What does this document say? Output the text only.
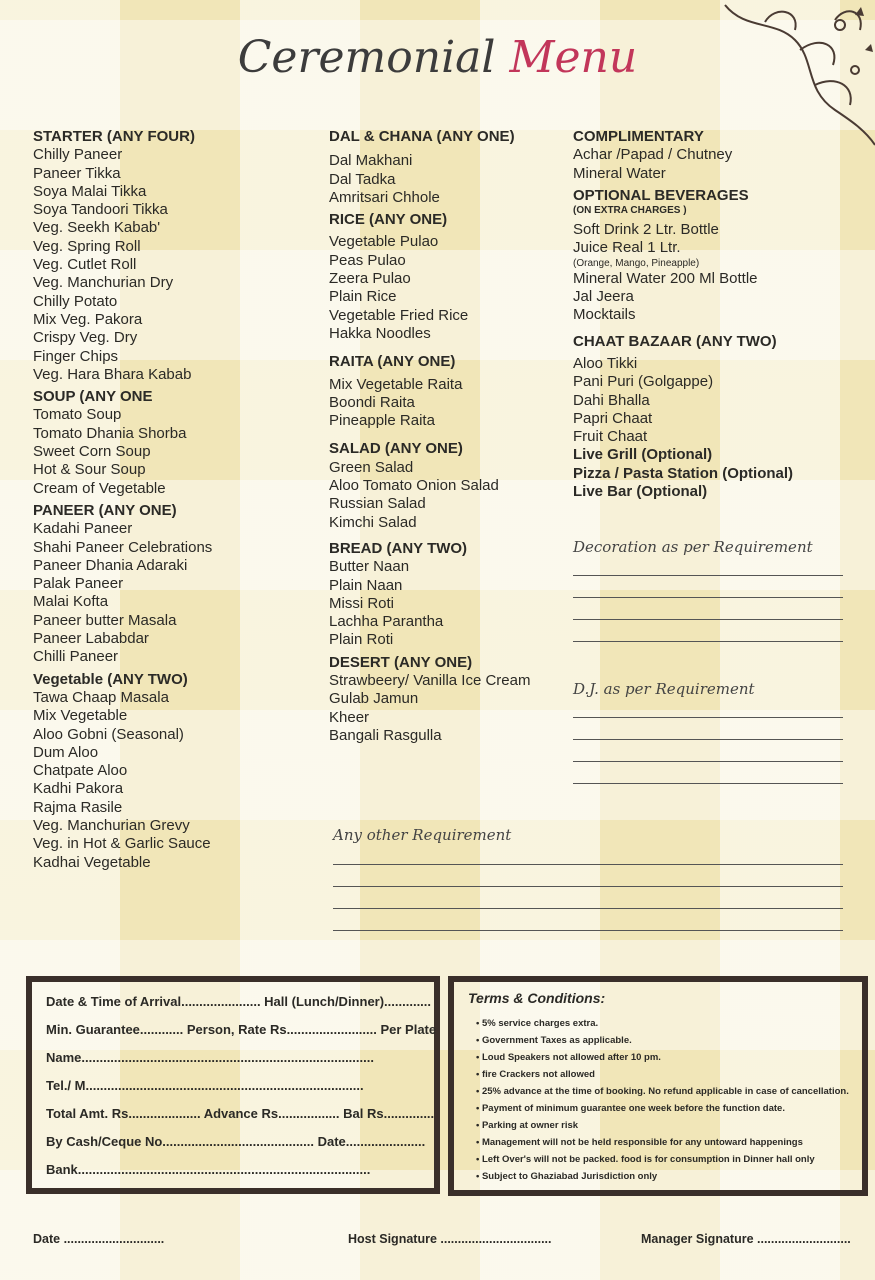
Ceremonial Menu
STARTER (ANY FOUR)
Chilly Paneer
Paneer Tikka
Soya Malai Tikka
Soya Tandoori Tikka
Veg. Seekh Kabab'
Veg. Spring Roll
Veg. Cutlet Roll
Veg. Manchurian Dry
Chilly Potato
Mix Veg. Pakora
Crispy Veg. Dry
Finger Chips
Veg. Hara Bhara Kabab
SOUP (ANY ONE
Tomato Soup
Tomato Dhania Shorba
Sweet Corn Soup
Hot & Sour Soup
Cream of Vegetable
PANEER (ANY ONE)
Kadahi Paneer
Shahi Paneer Celebrations
Paneer Dhania Adaraki
Palak Paneer
Malai Kofta
Paneer butter Masala
Paneer Lababdar
Chilli Paneer
Vegetable (ANY TWO)
Tawa Chaap Masala
Mix Vegetable
Aloo Gobni (Seasonal)
Dum Aloo
Chatpate Aloo
Kadhi Pakora
Rajma Rasile
Veg. Manchurian Grevy
Veg. in Hot & Garlic Sauce
Kadhai Vegetable
DAL & CHANA (ANY ONE)
Dal Makhani
Dal Tadka
Amritsari Chhole
RICE (ANY ONE)
Vegetable Pulao
Peas Pulao
Zeera Pulao
Plain Rice
Vegetable Fried Rice
Hakka Noodles
RAITA (ANY ONE)
Mix Vegetable Raita
Boondi Raita
Pineapple Raita
SALAD (ANY ONE)
Green Salad
Aloo Tomato Onion Salad
Russian Salad
Kimchi Salad
BREAD (ANY TWO)
Butter Naan
Plain Naan
Missi Roti
Lachha Parantha
Plain Roti
DESERT (ANY ONE)
Strawbeery/ Vanilla Ice Cream
Gulab Jamun
Kheer
Bangali Rasgulla
COMPLIMENTARY
Achar /Papad / Chutney
Mineral Water
OPTIONAL BEVERAGES
(ON EXTRA CHARGES )
Soft Drink 2 Ltr. Bottle
Juice Real 1 Ltr.
(Orange, Mango, Pineapple)
Mineral Water 200 Ml Bottle
Jal Jeera
Mocktails
CHAAT BAZAAR (ANY TWO)
Aloo Tikki
Pani Puri (Golgappe)
Dahi Bhalla
Papri Chaat
Fruit Chaat
Live Grill (Optional)
Pizza / Pasta Station (Optional)
Live Bar (Optional)
Decoration as per Requirement
D.J. as per Requirement
Any other Requirement
Date & Time of Arrival...................... Hall (Lunch/Dinner).............
Min. Guarantee............ Person, Rate Rs......................... Per Plate
Name.................................................................................
Tel./ M.............................................................................
Total Amt. Rs.................... Advance Rs................. Bal Rs..............
By Cash/Ceque No.......................................... Date......................
Bank.................................................................................
Terms & Conditions:
• 5% service charges extra.
• Government Taxes as applicable.
• Loud Speakers not allowed after 10 pm.
• fire Crackers not allowed
• 25% advance at the time of booking. No refund applicable in case of cancellation.
• Payment of minimum guarantee one week before the function date.
• Parking at owner risk
• Management will not be held responsible for any untoward happenings
• Left Over's will not be packed. food is for consumption in Dinner hall only
• Subject to Ghaziabad Jurisdiction only
Date .............................	Host Signature ................................	Manager Signature ...........................
